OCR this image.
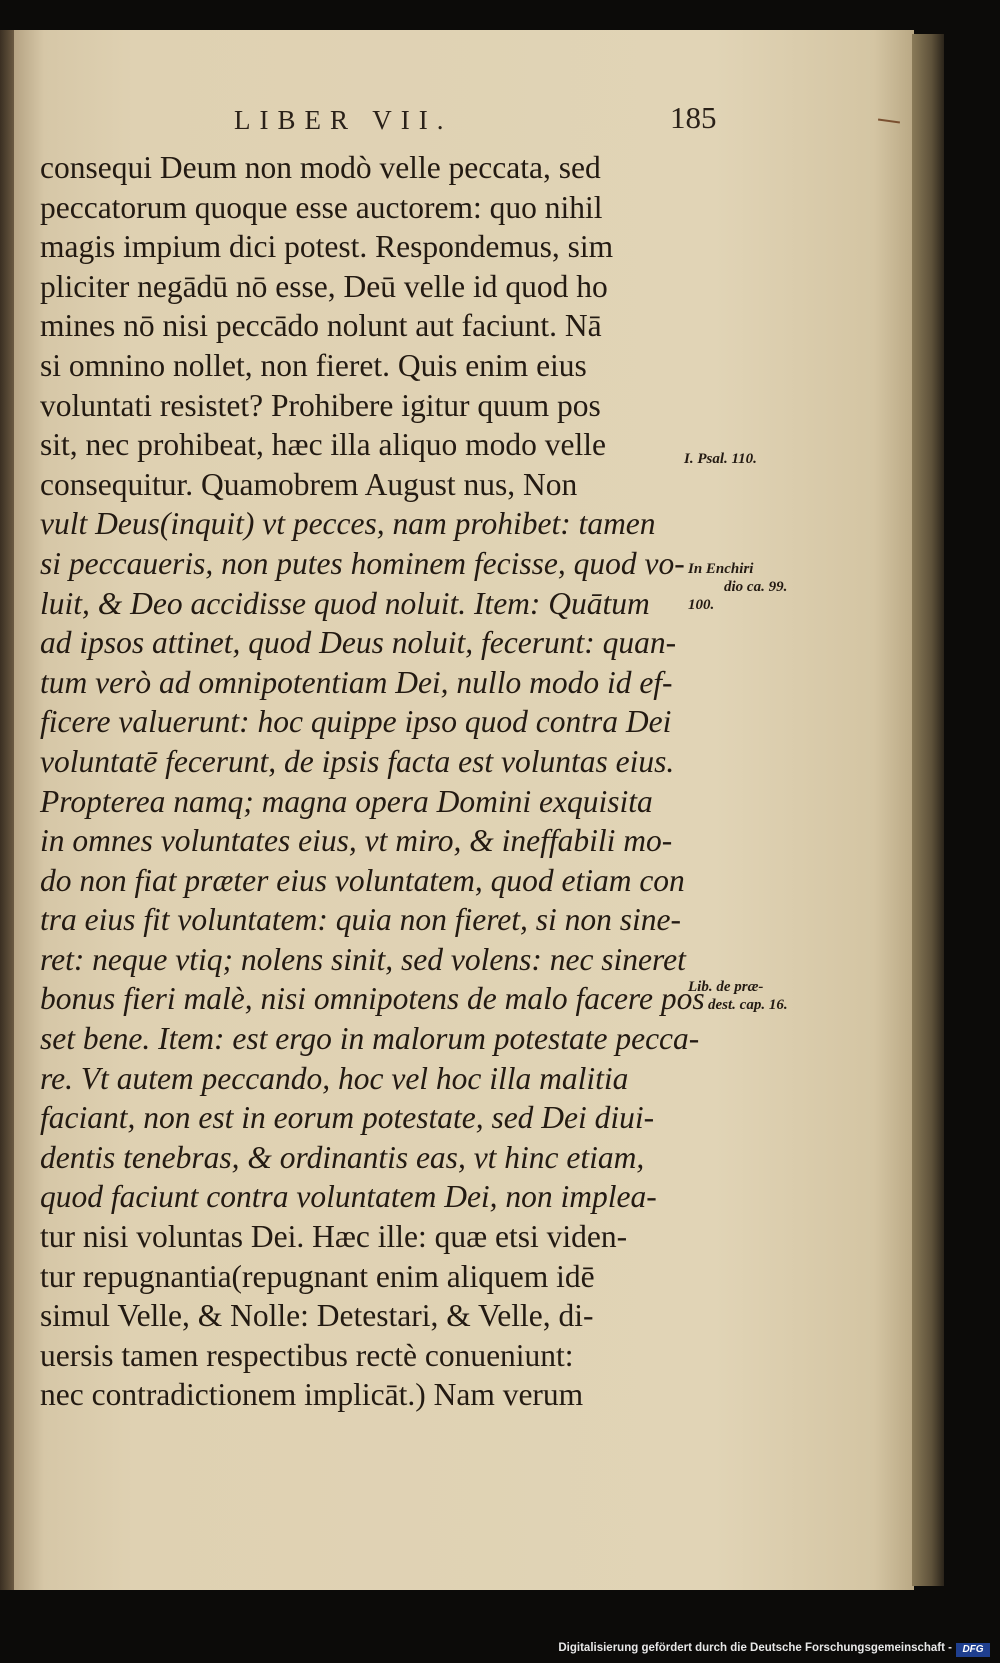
LIBER VII.	185
consequi Deum non modò velle peccata, sed
peccatorum quoque esse auctorem: quo nihil
magis impium dici potest. Respondemus, sim
pliciter negādū nō esse, Deū velle id quod ho
mines nō nisi peccādo nolunt aut faciunt. Nā
si omnino nollet, non fieret. Quis enim eius
voluntati resistet? Prohibere igitur quum pos
sit, nec prohibeat, hæc illa aliquo modo velle
consequitur. Quamobrem August nus, Non
vult Deus(inquit) vt pecces, nam prohibet: tamen
si peccaueris, non putes hominem fecisse, quod vo-
luit, & Deo accidisse quod noluit. Item: Quātum
ad ipsos attinet, quod Deus noluit, fecerunt: quan-
tum verò ad omnipotentiam Dei, nullo modo id ef-
ficere valuerunt: hoc quippe ipso quod contra Dei
voluntatē fecerunt, de ipsis facta est voluntas eius.
Propterea namq; magna opera Domini exquisita
in omnes voluntates eius, vt miro, & ineffabili mo-
do non fiat præter eius voluntatem, quod etiam con
tra eius fit voluntatem: quia non fieret, si non sine-
ret: neque vtiq; nolens sinit, sed volens: nec sineret
bonus fieri malè, nisi omnipotens de malo facere pos
set bene. Item: est ergo in malorum potestate pecca-
re. Vt autem peccando, hoc vel hoc illa malitia
faciant, non est in eorum potestate, sed Dei diui-
dentis tenebras, & ordinantis eas, vt hinc etiam,
quod faciunt contra voluntatem Dei, non implea-
tur nisi voluntas Dei. Hæc ille: quæ etsi viden-
tur repugnantia(repugnant enim aliquem idē
simul Velle, & Nolle: Detestari, & Velle, di-
uersis tamen respectibus rectè conueniunt:
nec contradictionem implicāt.) Nam verum
I. Psal. 110.
In Enchiri
dio ca. 99.
100.
Lib. de præ-
dest. cap. 16.
Digitalisierung gefördert durch die Deutsche Forschungsgemeinschaft -	DFG
